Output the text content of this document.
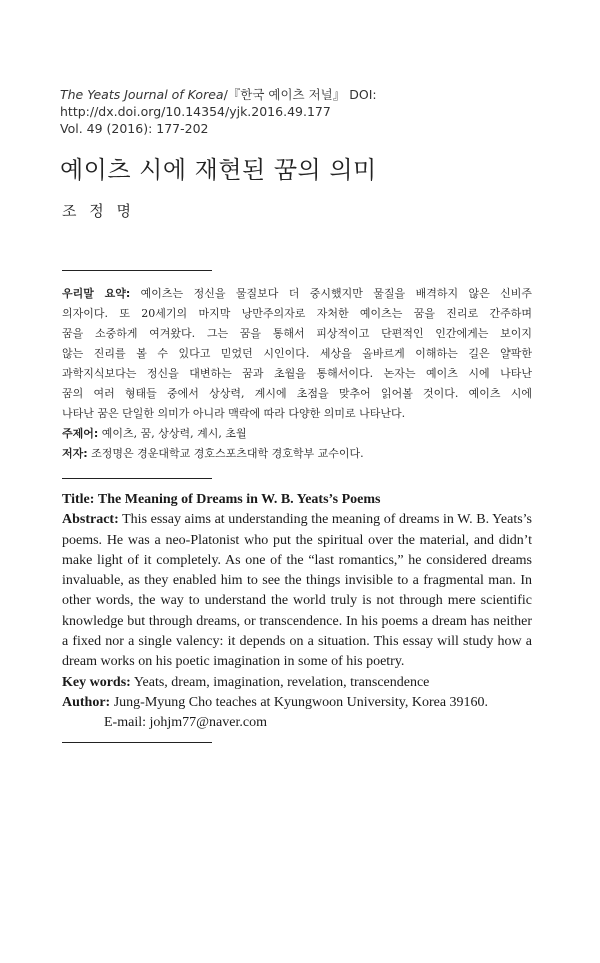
The Yeats Journal of Korea/『한국 예이츠 저널』 DOI: http://dx.doi.org/10.14354/yjk.2016.49.177
Vol. 49 (2016): 177-202
예이츠 시에 재현된 꿈의 의미
조 정 명
우리말 요약: 예이츠는 정신을 물질보다 더 중시했지만 물질을 배격하지 않은 신비주
의자이다. 또 20세기의 마지막 낭만주의자로 자처한 예이츠는 꿈을 진리로 간주하며
꿈을 소중하게 여겨왔다. 그는 꿈을 통해서 피상적이고 단편적인 인간에게는 보이지
않는 진리를 볼 수 있다고 믿었던 시인이다. 세상을 올바르게 이해하는 길은 얄팍한
과학지식보다는 정신을 대변하는 꿈과 초월을 통해서이다. 논자는 예이츠 시에 나타난
꿈의 여러 형태들 중에서 상상력, 계시에 초점을 맞추어 읽어볼 것이다. 예이츠 시에
나타난 꿈은 단일한 의미가 아니라 맥락에 따라 다양한 의미로 나타난다.
주제어: 예이츠, 꿈, 상상력, 계시, 초월
저자: 조정명은 경운대학교 경호스포츠대학 경호학부 교수이다.
Title: The Meaning of Dreams in W. B. Yeats’s Poems
Abstract: This essay aims at understanding the meaning of dreams in W. B. Yeats’s
poems. He was a neo-Platonist who put the spiritual over the material, and didn’t
make light of it completely. As one of the “last romantics,” he considered dreams
invaluable, as they enabled him to see the things invisible to a fragmental man. In
other words, the way to understand the world truly is not through mere scientific
knowledge but through dreams, or transcendence. In his poems a dream has neither
a fixed nor a single valency: it depends on a situation. This essay will study how a
dream works on his poetic imagination in some of his poetry.
Key words: Yeats, dream, imagination, revelation, transcendence
Author: Jung-Myung Cho teaches at Kyungwoon University, Korea 39160.
E-mail: johjm77@naver.com
